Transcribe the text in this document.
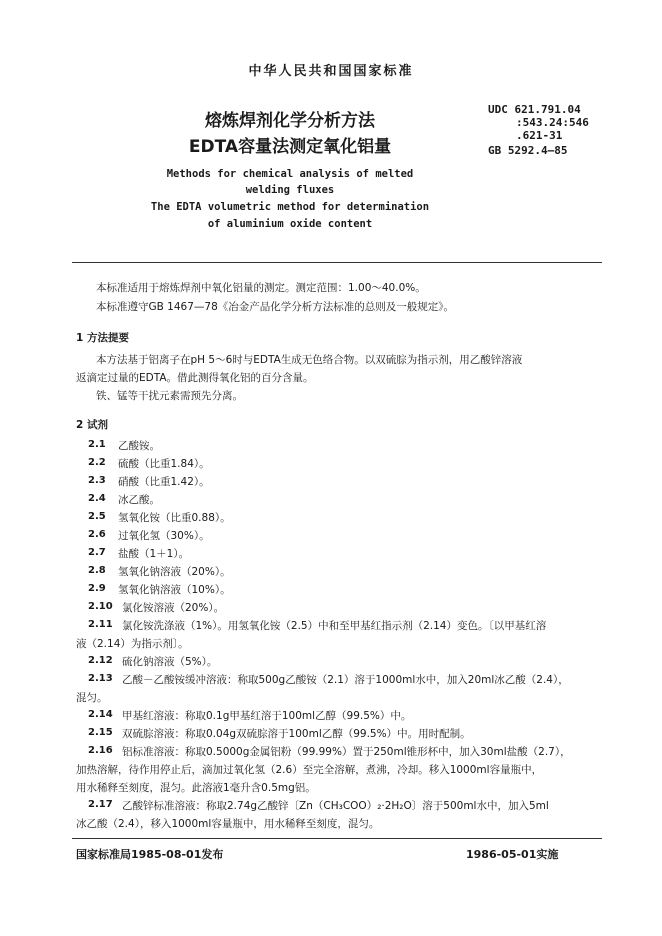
中华人民共和国国家标准
熔炼焊剂化学分析方法
EDTA容量法测定氧化铝量
UDC 621.791.04
:543.24:546
.621-31
GB 5292.4—85
Methods for chemical analysis of melted
welding fluxes
The EDTA volumetric method for determination
of aluminium oxide content
本标准适用于熔炼焊剂中氧化铝量的测定。测定范围：1.00～40.0%。
本标准遵守GB 1467—78《冶金产品化学分析方法标准的总则及一般规定》。
1 方法提要
本方法基于铝离子在pH 5～6时与EDTA生成无色络合物。以双硫腙为指示剂，用乙酸锌溶液
返滴定过量的EDTA。借此测得氧化铝的百分含量。
铁、锰等干扰元素需预先分离。
2 试剂
2.1 乙酸铵。
2.2 硫酸（比重1.84）。
2.3 硝酸（比重1.42）。
2.4 冰乙酸。
2.5 氢氧化铵（比重0.88）。
2.6 过氧化氢（30%）。
2.7 盐酸（1＋1）。
2.8 氢氧化钠溶液（20%）。
2.9 氢氧化钠溶液（10%）。
2.10 氯化铵溶液（20%）。
2.11 氯化铵洗涤液（1%）。用氢氧化铵（2.5）中和至甲基红指示剂（2.14）变色。〔以甲基红溶
液（2.14）为指示剂〕。
2.12 硫化钠溶液（5%）。
2.13 乙酸－乙酸铵缓冲溶液：称取500g乙酸铵（2.1）溶于1000ml水中，加入20ml冰乙酸（2.4），
混匀。
2.14 甲基红溶液：称取0.1g甲基红溶于100ml乙醇（99.5%）中。
2.15 双硫腙溶液：称取0.04g双硫腙溶于100ml乙醇（99.5%）中。用时配制。
2.16 铝标准溶液：称取0.5000g金属铝粉（99.99%）置于250ml锥形杯中，加入30ml盐酸（2.7），
加热溶解，待作用停止后，滴加过氧化氢（2.6）至完全溶解，煮沸，冷却。移入1000ml容量瓶中，
用水稀释至刻度，混匀。此溶液1毫升含0.5mg铝。
2.17 乙酸锌标准溶液：称取2.74g乙酸锌〔Zn（CH₃COO）₂·2H₂O〕溶于500ml水中，加入5ml
冰乙酸（2.4），移入1000ml容量瓶中，用水稀释至刻度，混匀。
国家标准局1985-08-01发布	1986-05-01实施
